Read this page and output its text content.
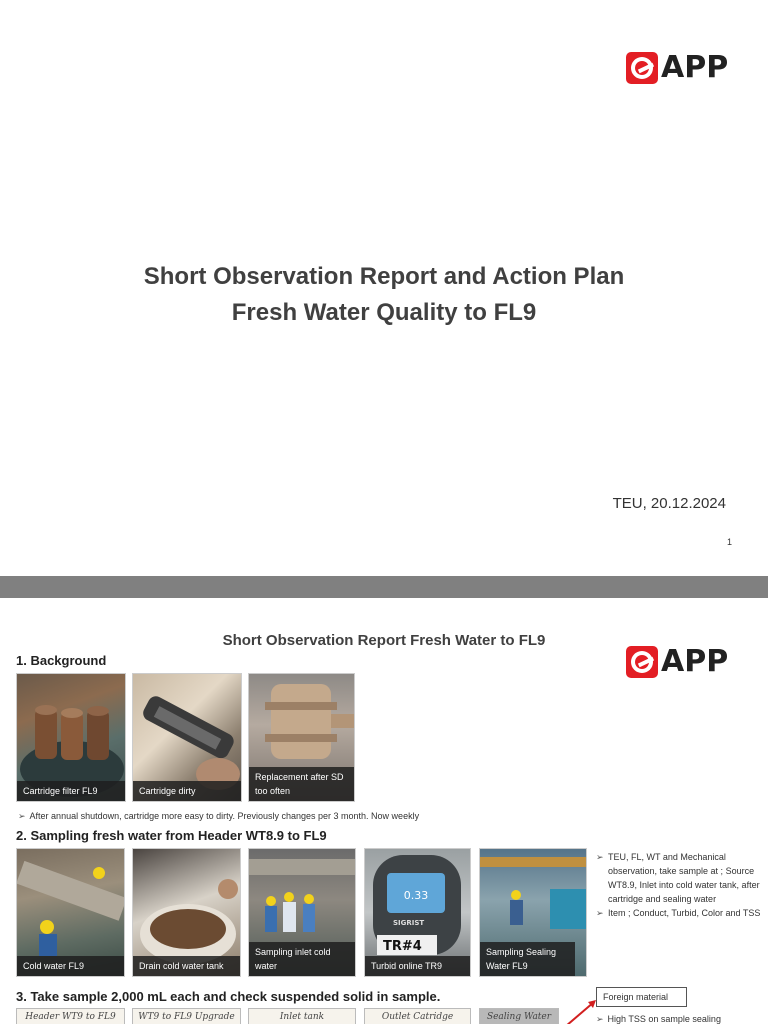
APP
Short Observation Report and Action Plan
Fresh Water Quality to FL9
TEU, 20.12.2024
1
Short Observation Report Fresh Water to FL9
APP
1. Background
Cartridge filter FL9	Cartridge dirty
Replacement after SD too often
➢ After annual shutdown, cartridge more easy to dirty. Previously changes per 3 month. Now weekly
2. Sampling fresh water from Header WT8.9 to FL9
Cold water FL9	Drain cold water tank
Sampling inlet cold water
0.33
SIGRIST
TR#4
Turbid online TR9
Sampling Sealing Water FL9
➢ TEU, FL, WT and Mechanical observation, take sample at ; Source WT8.9, Inlet into cold water tank, after cartridge and sealing water
➢ Item ; Conduct, Turbid, Color and TSS
3. Take sample 2,000 mL each and check suspended solid in sample.	Foreign material
➢ High TSS on sample sealing
Header WT9 to FL9	WT9 to FL9 Upgrade	Inlet tank	Outlet Catridge	Sealing Water
